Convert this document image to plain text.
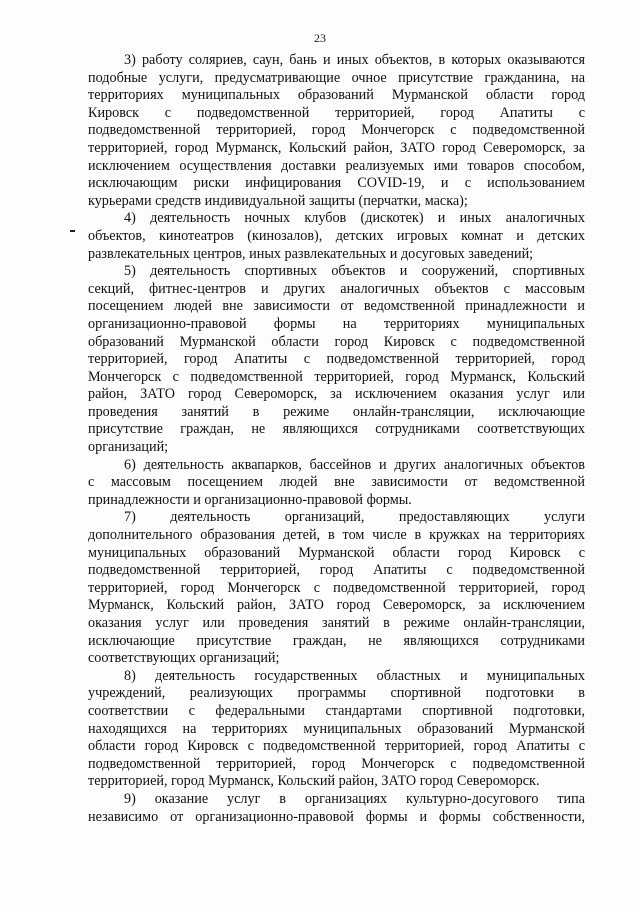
23
3) работу соляриев, саун, бань и иных объектов, в которых оказываются
подобные услуги, предусматривающие очное присутствие гражданина, на
территориях муниципальных образований Мурманской области город
Кировск с подведомственной территорией, город Апатиты с
подведомственной территорией, город Мончегорск с подведомственной
территорией, город Мурманск, Кольский район, ЗАТО город Североморск, за
исключением осуществления доставки реализуемых ими товаров способом,
исключающим риски инфицирования COVID-19, и с использованием
курьерами средств индивидуальной защиты (перчатки, маска);
4) деятельность ночных клубов (дискотек) и иных аналогичных
объектов, кинотеатров (кинозалов), детских игровых комнат и детских
развлекательных центров, иных развлекательных и досуговых заведений;
5) деятельность спортивных объектов и сооружений, спортивных
секций, фитнес-центров и других аналогичных объектов с массовым
посещением людей вне зависимости от ведомственной принадлежности и
организационно-правовой формы на территориях муниципальных
образований Мурманской области город Кировск с подведомственной
территорией, город Апатиты с подведомственной территорией, город
Мончегорск с подведомственной территорией, город Мурманск, Кольский
район, ЗАТО город Североморск, за исключением оказания услуг или
проведения занятий в режиме онлайн-трансляции, исключающие
присутствие граждан, не являющихся сотрудниками соответствующих
организаций;
6) деятельность аквапарков, бассейнов и других аналогичных объектов
с массовым посещением людей вне зависимости от ведомственной
принадлежности и организационно-правовой формы.
7) деятельность организаций, предоставляющих услуги
дополнительного образования детей, в том числе в кружках на территориях
муниципальных образований Мурманской области город Кировск с
подведомственной территорией, город Апатиты с подведомственной
территорией, город Мончегорск с подведомственной территорией, город
Мурманск, Кольский район, ЗАТО город Североморск, за исключением
оказания услуг или проведения занятий в режиме онлайн-трансляции,
исключающие присутствие граждан, не являющихся сотрудниками
соответствующих организаций;
8) деятельность государственных областных и муниципальных
учреждений, реализующих программы спортивной подготовки в
соответствии с федеральными стандартами спортивной подготовки,
находящихся на территориях муниципальных образований Мурманской
области город Кировск с подведомственной территорией, город Апатиты с
подведомственной территорией, город Мончегорск с подведомственной
территорией, город Мурманск, Кольский район, ЗАТО город Североморск.
9) оказание услуг в организациях культурно-досугового типа
независимо от организационно-правовой формы и формы собственности,
